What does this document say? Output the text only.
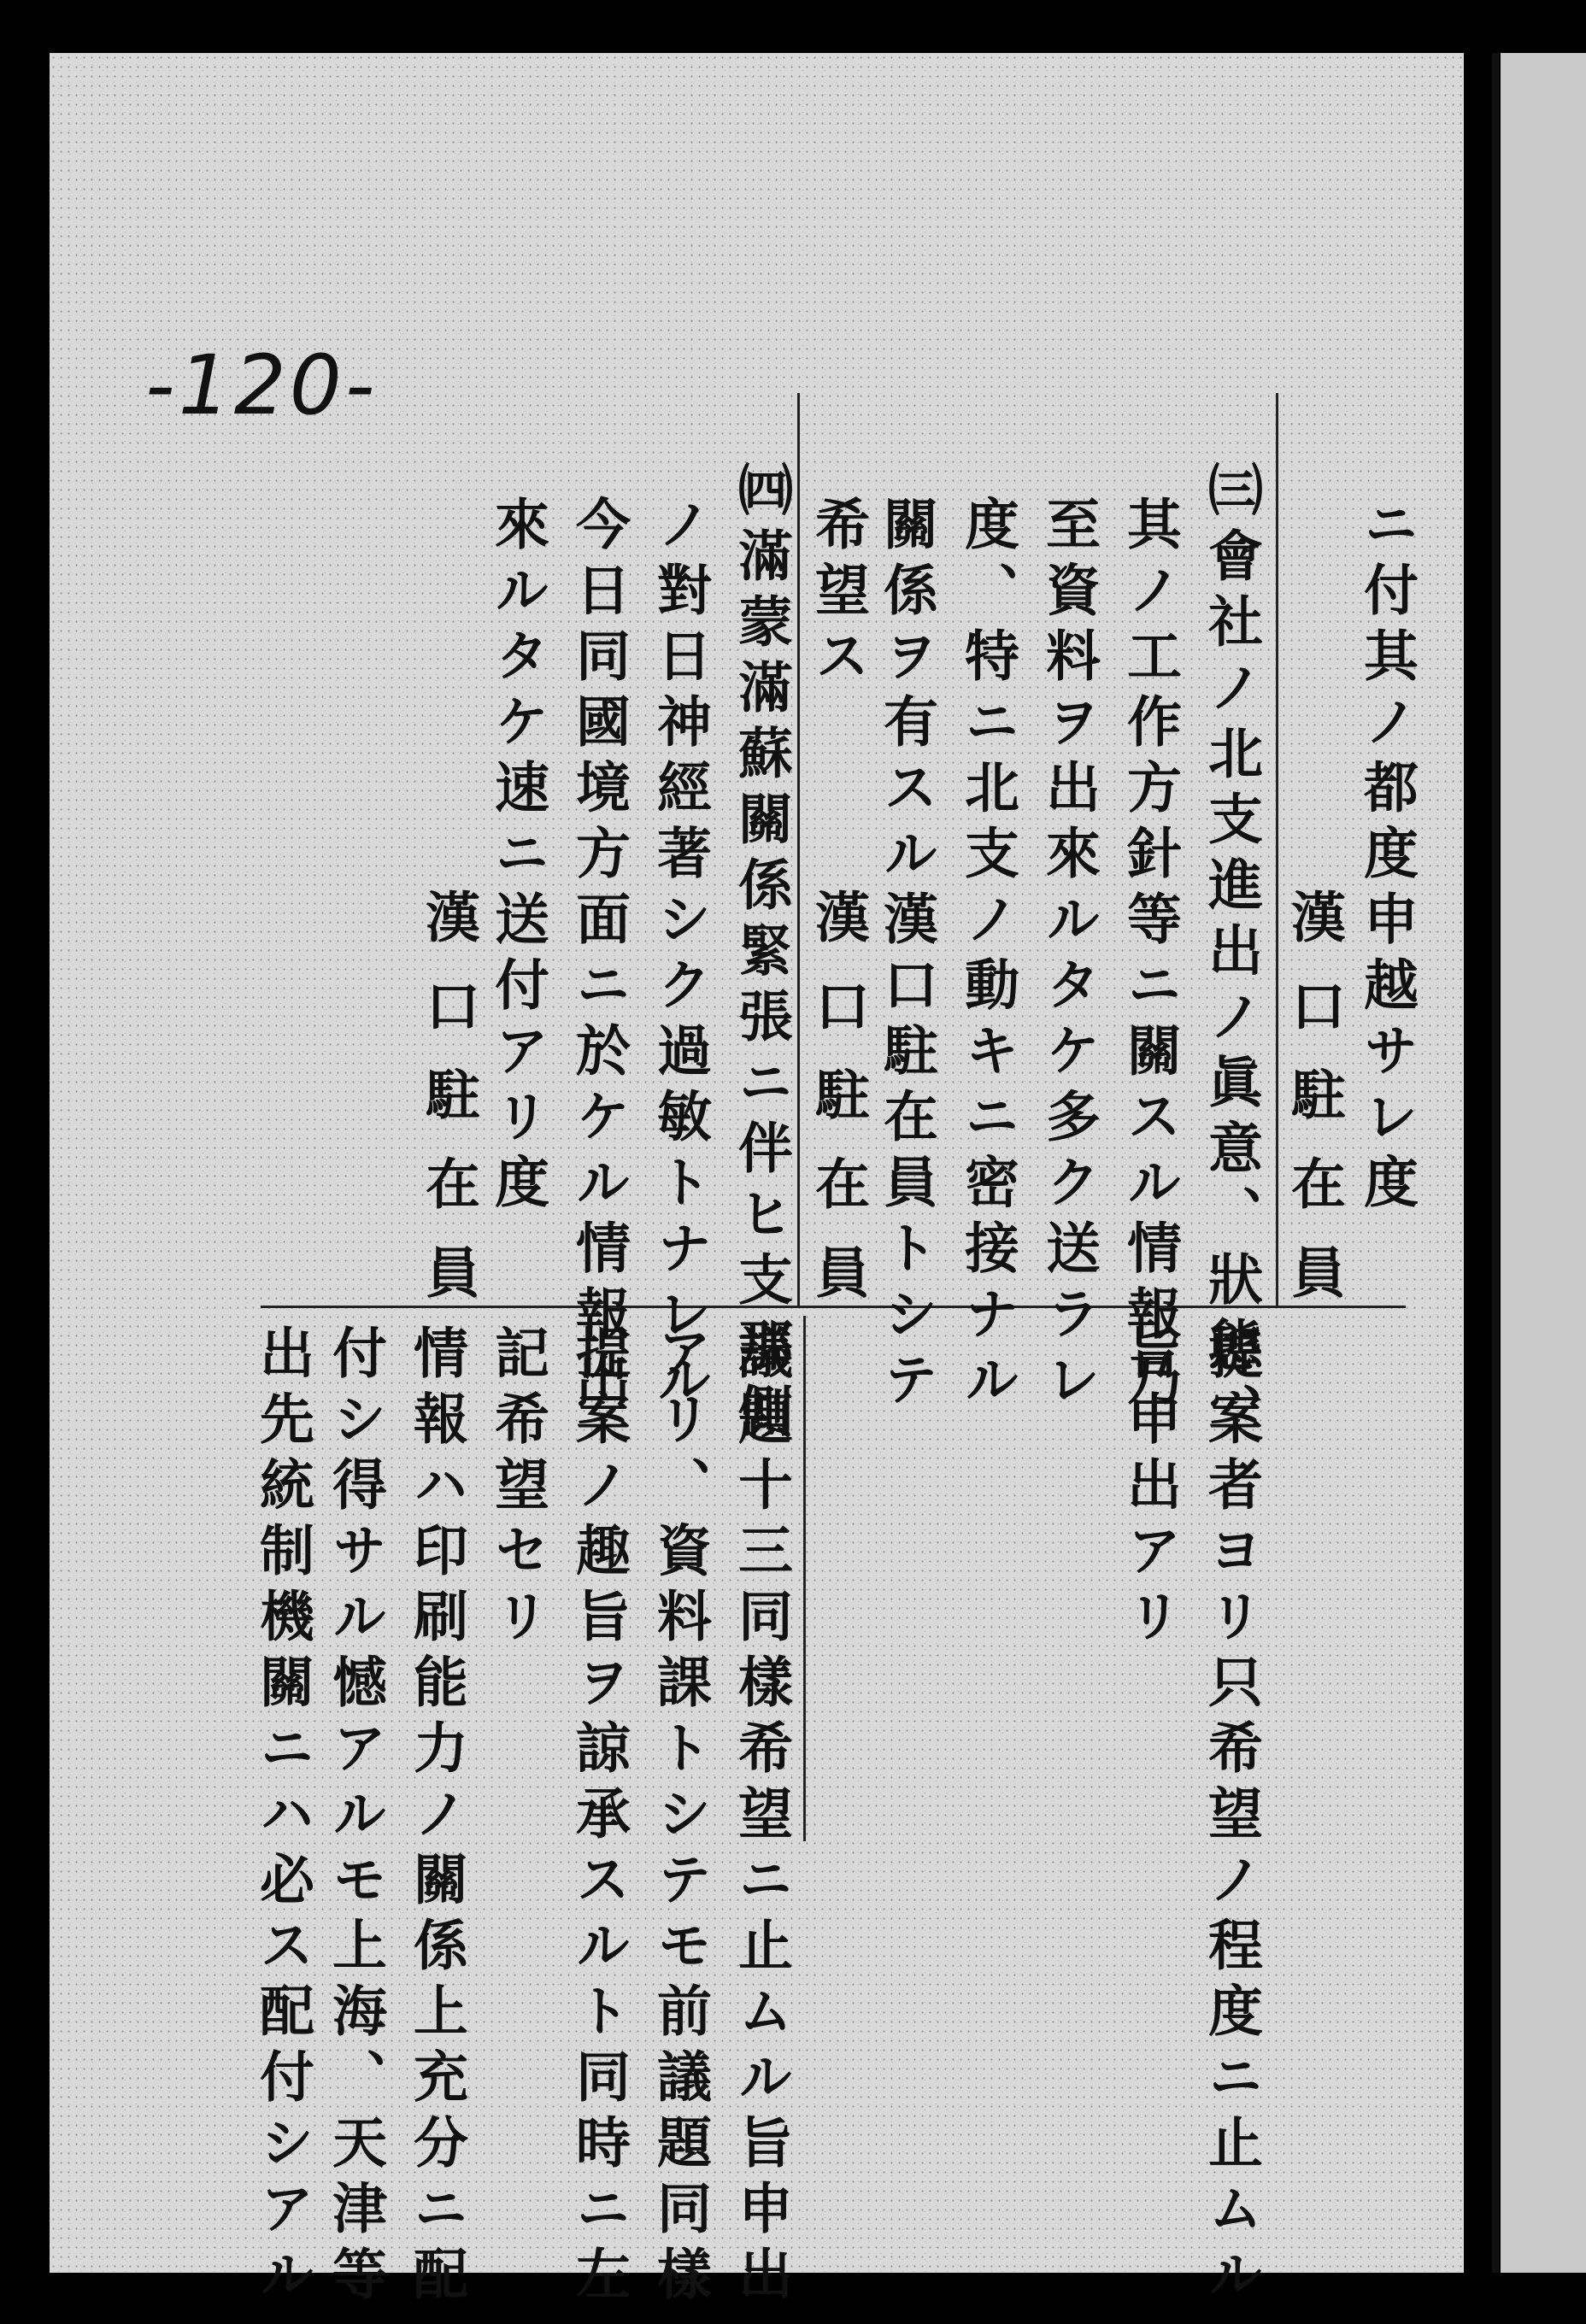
-120-
ニ付其ノ都度申越サレ度
漢口駐在員
㈢會社ノ北支進出ノ眞意、狀態、
其ノ工作方針等ニ關スル情報乃
至資料ヲ出來ルタケ多ク送ラレ
度、特ニ北支ノ動キニ密接ナル
關係ヲ有スル漢口駐在員トシテ
希望ス
漢口駐在員
㈣滿蒙滿蘇關係緊張ニ伴ヒ支那側
ノ對日神經著シク過敏トナレル
今日同國境方面ニ於ケル情報出
來ルタケ速ニ送付アリ度
漢口駐在員
提案者ヨリ只希望ノ程度ニ止ムル
旨申出アリ
議題十三同樣希望ニ止ムル旨申出
アリ、資料課トシテモ前議題同樣
提案ノ趣旨ヲ諒承スルト同時ニ左
記希望セリ
情報ハ印刷能力ノ關係上充分ニ配
付シ得サル憾アルモ上海、天津等
出先統制機關ニハ必ス配付シアル
